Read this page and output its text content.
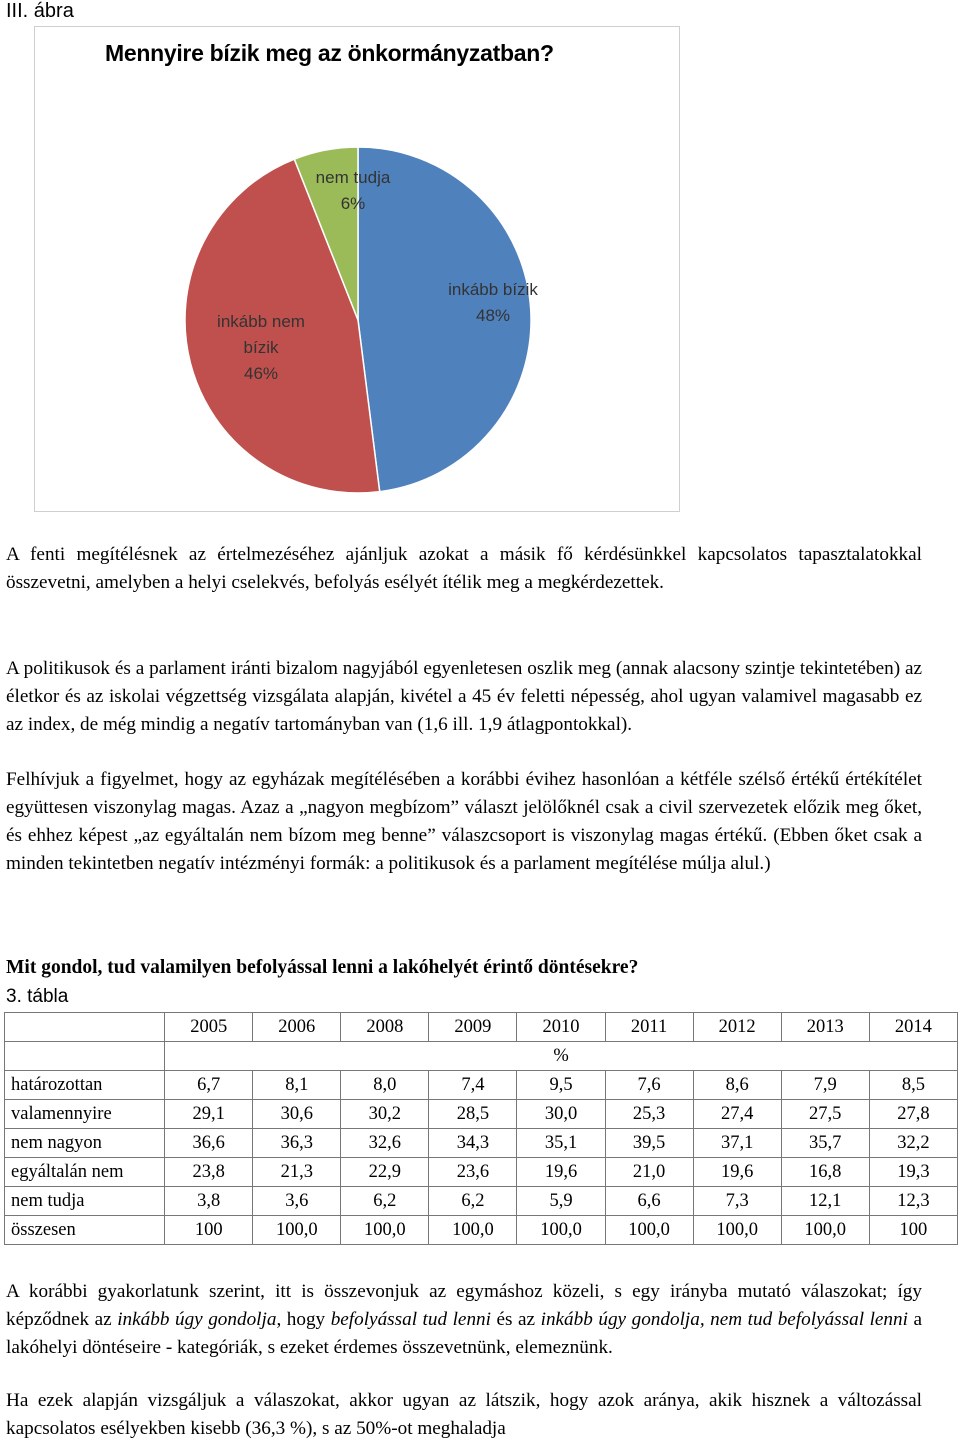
III. ábra
Mennyire bízik meg az önkormányzatban?
inkább bízik
48%
inkább nem
bízik
46%
nem tudja
6%

A fenti megítélésnek az értelmezéséhez ajánljuk azokat a másik fő kérdésünkkel kapcsolatos tapasztalatokkal összevetni, amelyben a helyi cselekvés, befolyás esélyét ítélik meg a megkérdezettek.

A politikusok és a parlament iránti bizalom nagyjából egyenletesen oszlik meg (annak alacsony szintje tekintetében) az életkor és az iskolai végzettség vizsgálata alapján, kivétel a 45 év feletti népesség, ahol ugyan valamivel magasabb ez az index, de még mindig a negatív tartományban van (1,6 ill. 1,9 átlagpontokkal).

Felhívjuk a figyelmet, hogy az egyházak megítélésében a korábbi évihez hasonlóan a kétféle szélső értékű értékítélet együttesen viszonylag magas. Azaz a „nagyon megbízom” választ jelölőknél csak a civil szervezetek előzik meg őket, és ehhez képest „az egyáltalán nem bízom meg benne” válaszcsoport is viszonylag magas értékű. (Ebben őket csak a minden tekintetben negatív intézményi formák: a politikusok és a parlament megítélése múlja alul.)

Mit gondol, tud valamilyen befolyással lenni a lakóhelyét érintő döntésekre?
3. tábla
	2005	2006	2008	2009	2010	2011	2012	2013	2014
	%								
határozottan	6,7	8,1	8,0	7,4	9,5	7,6	8,6	7,9	8,5
valamennyire	29,1	30,6	30,2	28,5	30,0	25,3	27,4	27,5	27,8
nem nagyon	36,6	36,3	32,6	34,3	35,1	39,5	37,1	35,7	32,2
egyáltalán nem	23,8	21,3	22,9	23,6	19,6	21,0	19,6	16,8	19,3
nem tudja	3,8	3,6	6,2	6,2	5,9	6,6	7,3	12,1	12,3
összesen	100	100,0	100,0	100,0	100,0	100,0	100,0	100,0	100

A korábbi gyakorlatunk szerint, itt is összevonjuk az egymáshoz közeli, s egy irányba mutató válaszokat; így képződnek az inkább úgy gondolja, hogy befolyással tud lenni és az inkább úgy gondolja, nem tud befolyással lenni a lakóhelyi döntéseire - kategóriák, s ezeket érdemes összevetnünk, elemeznünk.

Ha ezek alapján vizsgáljuk a válaszokat, akkor ugyan az látszik, hogy azok aránya, akik hisznek a változással kapcsolatos esélyekben kisebb (36,3 %), s az 50%-ot meghaladja
